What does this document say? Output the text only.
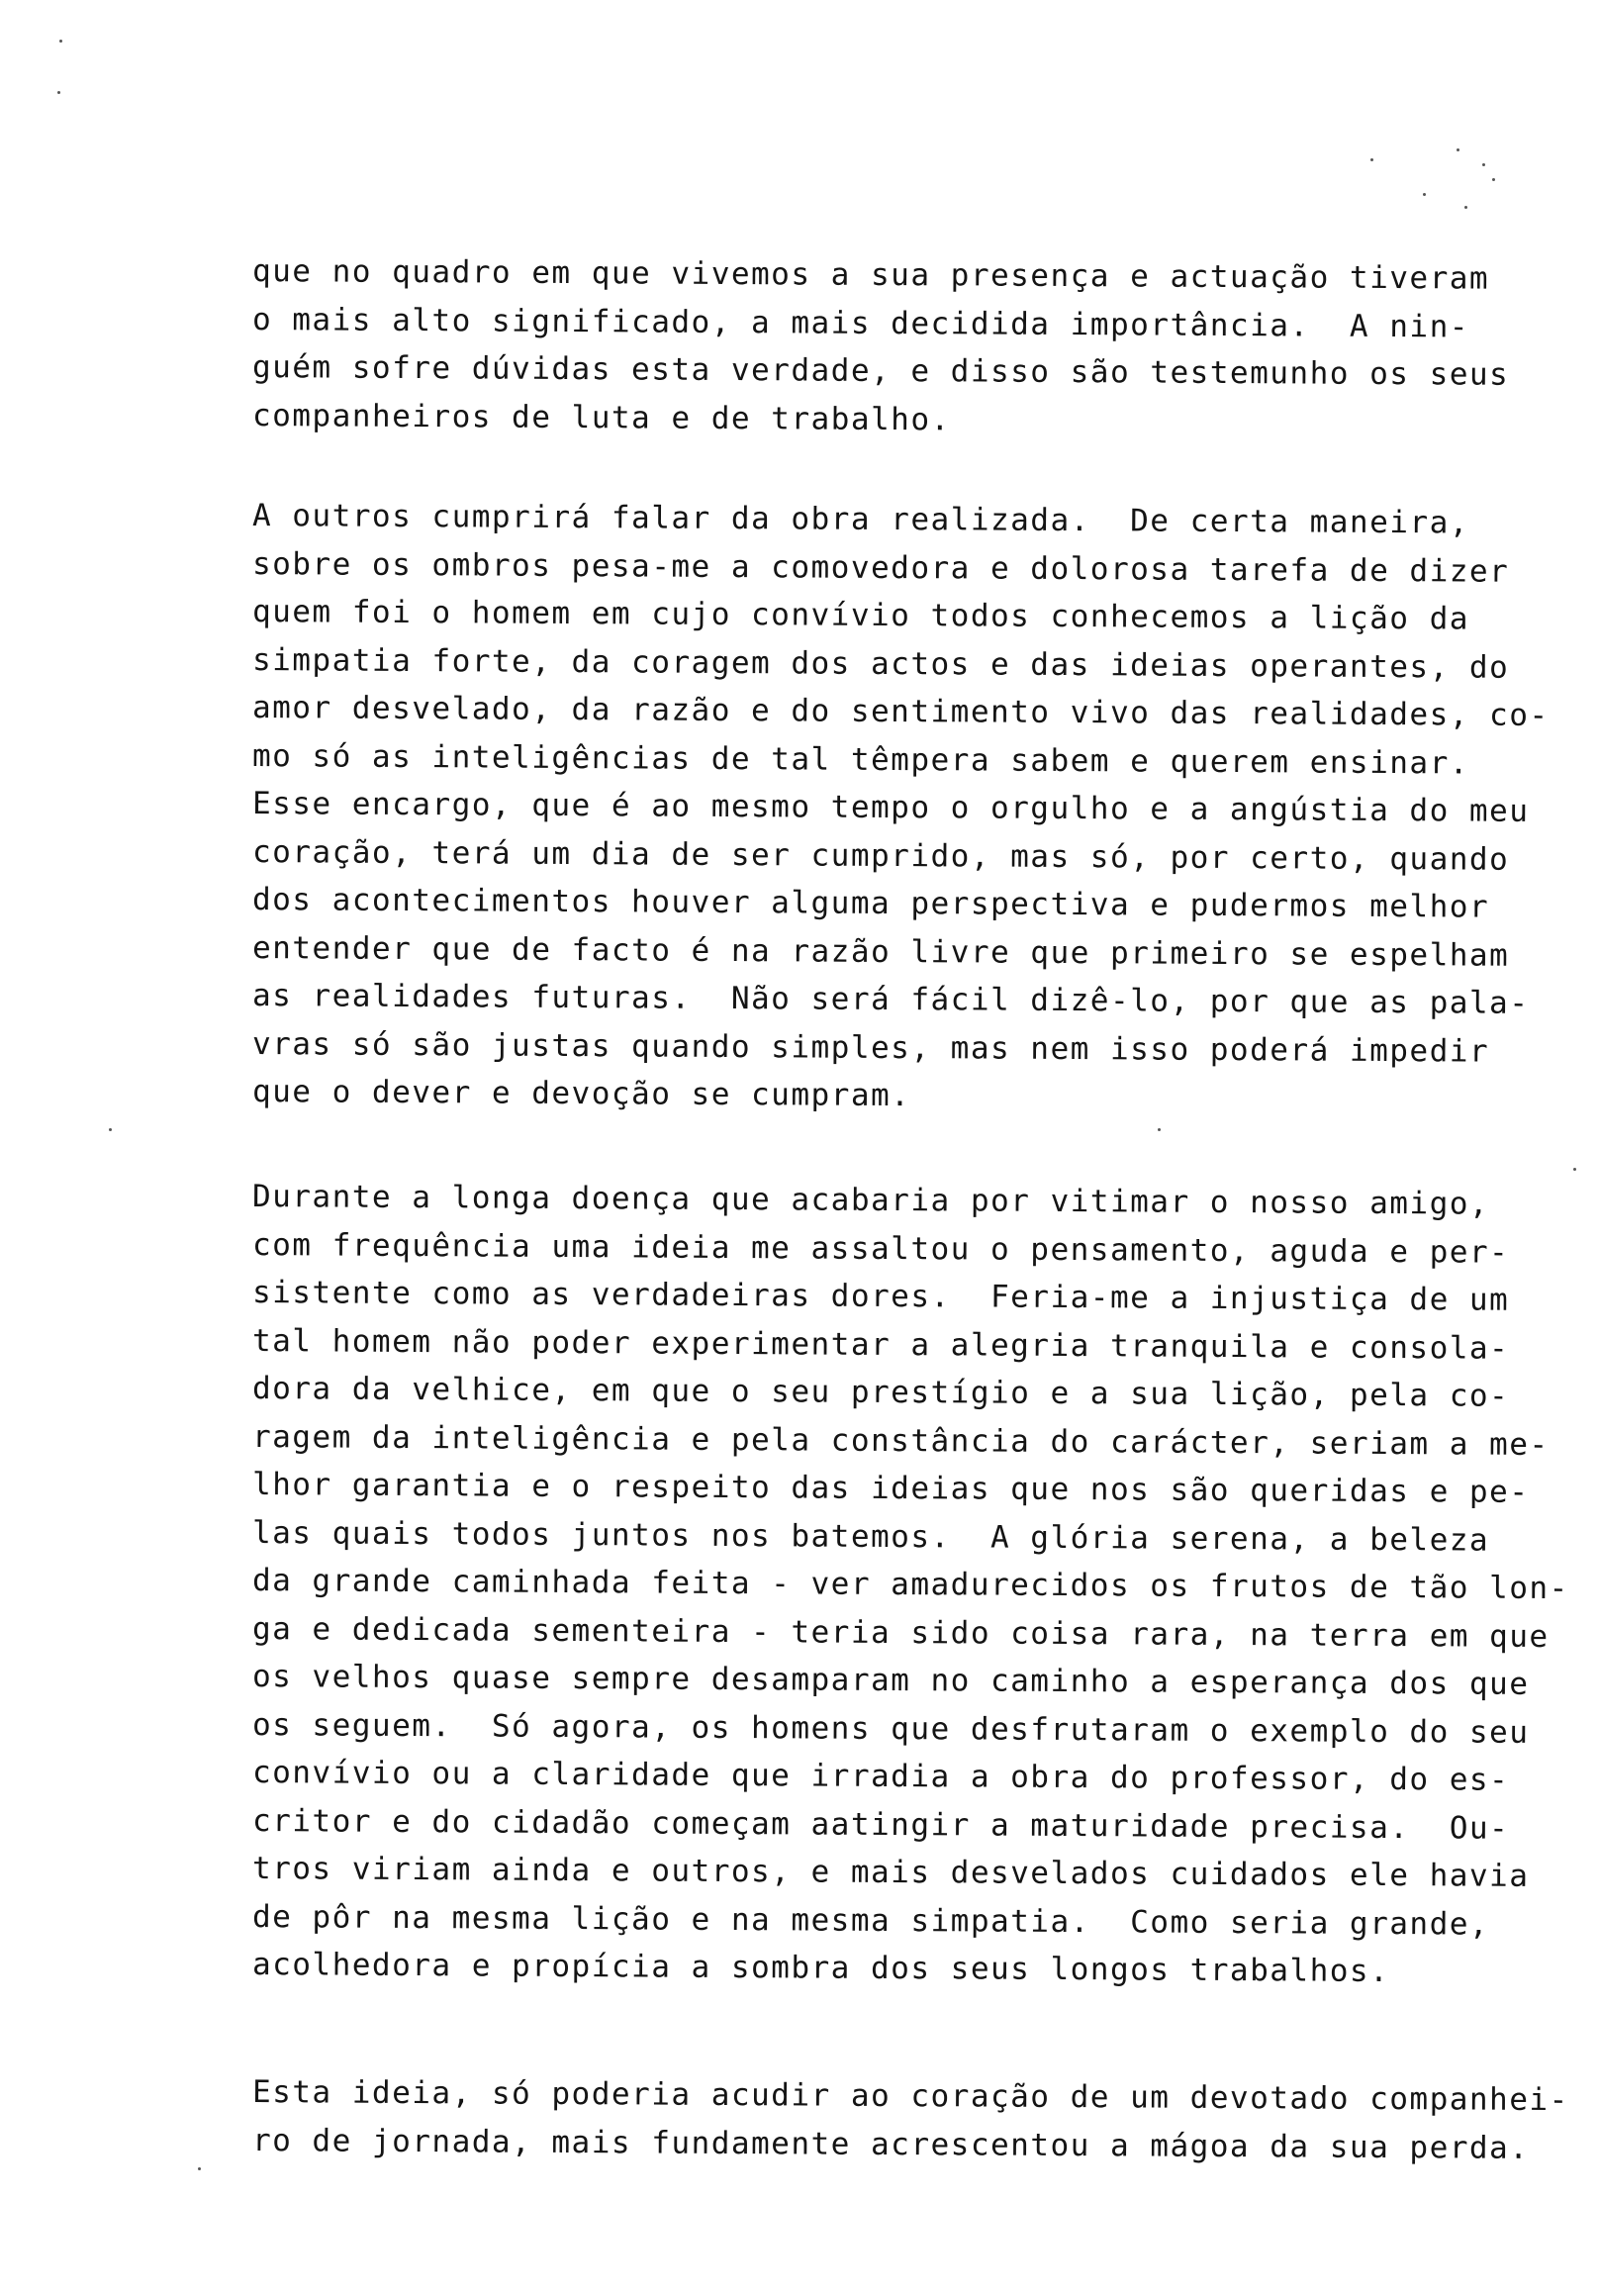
que no quadro em que vivemos a sua presença e actuação tiveram
o mais alto significado, a mais decidida importância.  A nin-
guém sofre dúvidas esta verdade, e disso são testemunho os seus
companheiros de luta e de trabalho.
A outros cumprirá falar da obra realizada.  De certa maneira,
sobre os ombros pesa-me a comovedora e dolorosa tarefa de dizer
quem foi o homem em cujo convívio todos conhecemos a lição da
simpatia forte, da coragem dos actos e das ideias operantes, do
amor desvelado, da razão e do sentimento vivo das realidades, co-
mo só as inteligências de tal têmpera sabem e querem ensinar.
Esse encargo, que é ao mesmo tempo o orgulho e a angústia do meu
coração, terá um dia de ser cumprido, mas só, por certo, quando
dos acontecimentos houver alguma perspectiva e pudermos melhor
entender que de facto é na razão livre que primeiro se espelham
as realidades futuras.  Não será fácil dizê-lo, por que as pala-
vras só são justas quando simples, mas nem isso poderá impedir
que o dever e devoção se cumpram.
Durante a longa doença que acabaria por vitimar o nosso amigo,
com frequência uma ideia me assaltou o pensamento, aguda e per-
sistente como as verdadeiras dores.  Feria-me a injustiça de um
tal homem não poder experimentar a alegria tranquila e consola-
dora da velhice, em que o seu prestígio e a sua lição, pela co-
ragem da inteligência e pela constância do carácter, seriam a me-
lhor garantia e o respeito das ideias que nos são queridas e pe-
las quais todos juntos nos batemos.  A glória serena, a beleza
da grande caminhada feita - ver amadurecidos os frutos de tão lon-
ga e dedicada sementeira - teria sido coisa rara, na terra em que
os velhos quase sempre desamparam no caminho a esperança dos que
os seguem.  Só agora, os homens que desfrutaram o exemplo do seu
convívio ou a claridade que irradia a obra do professor, do es-
critor e do cidadão começam aatingir a maturidade precisa.  Ou-
tros viriam ainda e outros, e mais desvelados cuidados ele havia
de pôr na mesma lição e na mesma simpatia.  Como seria grande,
acolhedora e propícia a sombra dos seus longos trabalhos.
Esta ideia, só poderia acudir ao coração de um devotado companhei-
ro de jornada, mais fundamente acrescentou a mágoa da sua perda.
